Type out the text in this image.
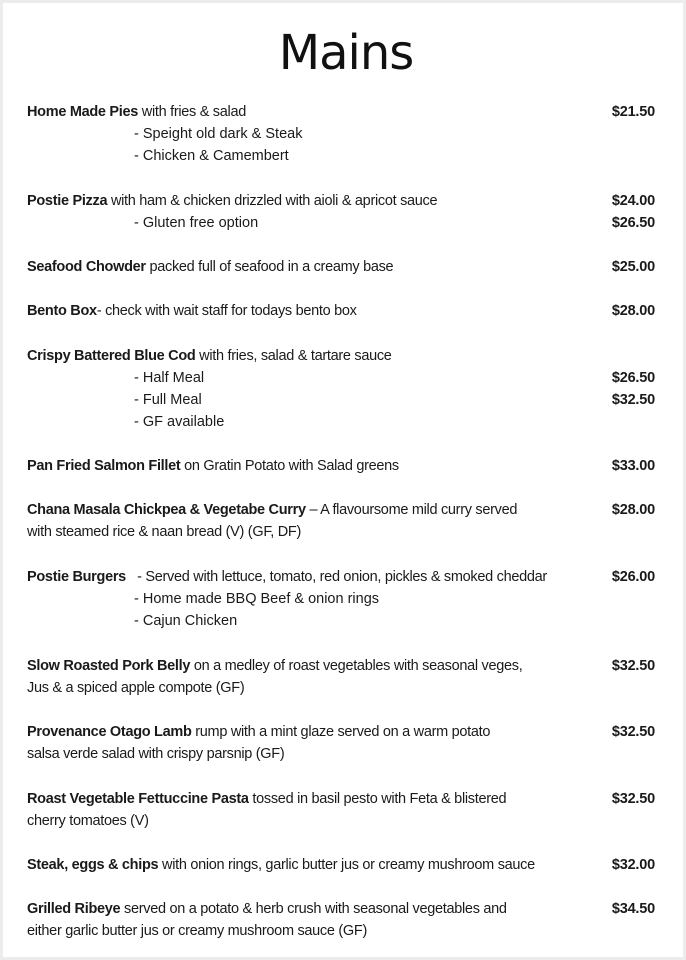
Mains
Home Made Pies with fries & salad	$21.50
- Speight old dark & Steak
- Chicken & Camembert
Postie Pizza with ham & chicken drizzled with aioli & apricot sauce	$24.00
- Gluten free option	$26.50
Seafood Chowder packed full of seafood in a creamy base	$25.00
Bento Box- check with wait staff for todays bento box	$28.00
Crispy Battered Blue Cod with fries, salad & tartare sauce
- Half Meal	$26.50
- Full Meal	$32.50
- GF available
Pan Fried Salmon Fillet on Gratin Potato with Salad greens	$33.00
Chana Masala Chickpea & Vegetabe Curry – A flavoursome mild curry served	$28.00
with steamed rice & naan bread (V) (GF, DF)
Postie Burgers   - Served with lettuce, tomato, red onion, pickles & smoked cheddar	$26.00
- Home made BBQ Beef & onion rings
- Cajun Chicken
Slow Roasted Pork Belly on a medley of roast vegetables with seasonal veges,	$32.50
Jus & a spiced apple compote (GF)
Provenance Otago Lamb rump with a mint glaze served on a warm potato	$32.50
salsa verde salad with crispy parsnip (GF)
Roast Vegetable Fettuccine Pasta tossed in basil pesto with Feta & blistered	$32.50
cherry tomatoes (V)
Steak, eggs & chips with onion rings, garlic butter jus or creamy mushroom sauce	$32.00
Grilled Ribeye served on a potato & herb crush with seasonal vegetables and	$34.50
either garlic butter jus or creamy mushroom sauce (GF)
